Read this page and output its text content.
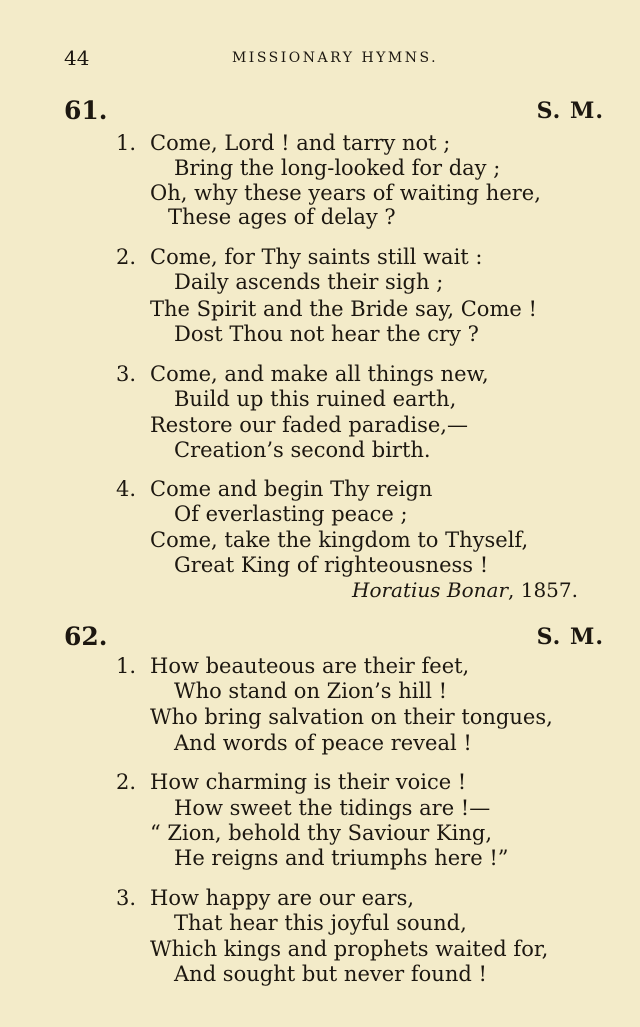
44	MISSIONARY HYMNS.
61.	S. M.
1. Come, Lord ! and tarry not ;
Bring the long-looked for day ;
Oh, why these years of waiting here,
These ages of delay ?
2. Come, for Thy saints still wait :
Daily ascends their sigh ;
The Spirit and the Bride say, Come !
Dost Thou not hear the cry ?
3. Come, and make all things new,
Build up this ruined earth,
Restore our faded paradise,—
Creation’s second birth.
4. Come and begin Thy reign
Of everlasting peace ;
Come, take the kingdom to Thyself,
Great King of righteousness !
Horatius Bonar, 1857.
62.	S. M.
1. How beauteous are their feet,
Who stand on Zion’s hill !
Who bring salvation on their tongues,
And words of peace reveal !
2. How charming is their voice !
How sweet the tidings are !—
“ Zion, behold thy Saviour King,
He reigns and triumphs here !”
3. How happy are our ears,
That hear this joyful sound,
Which kings and prophets waited for,
And sought but never found !
